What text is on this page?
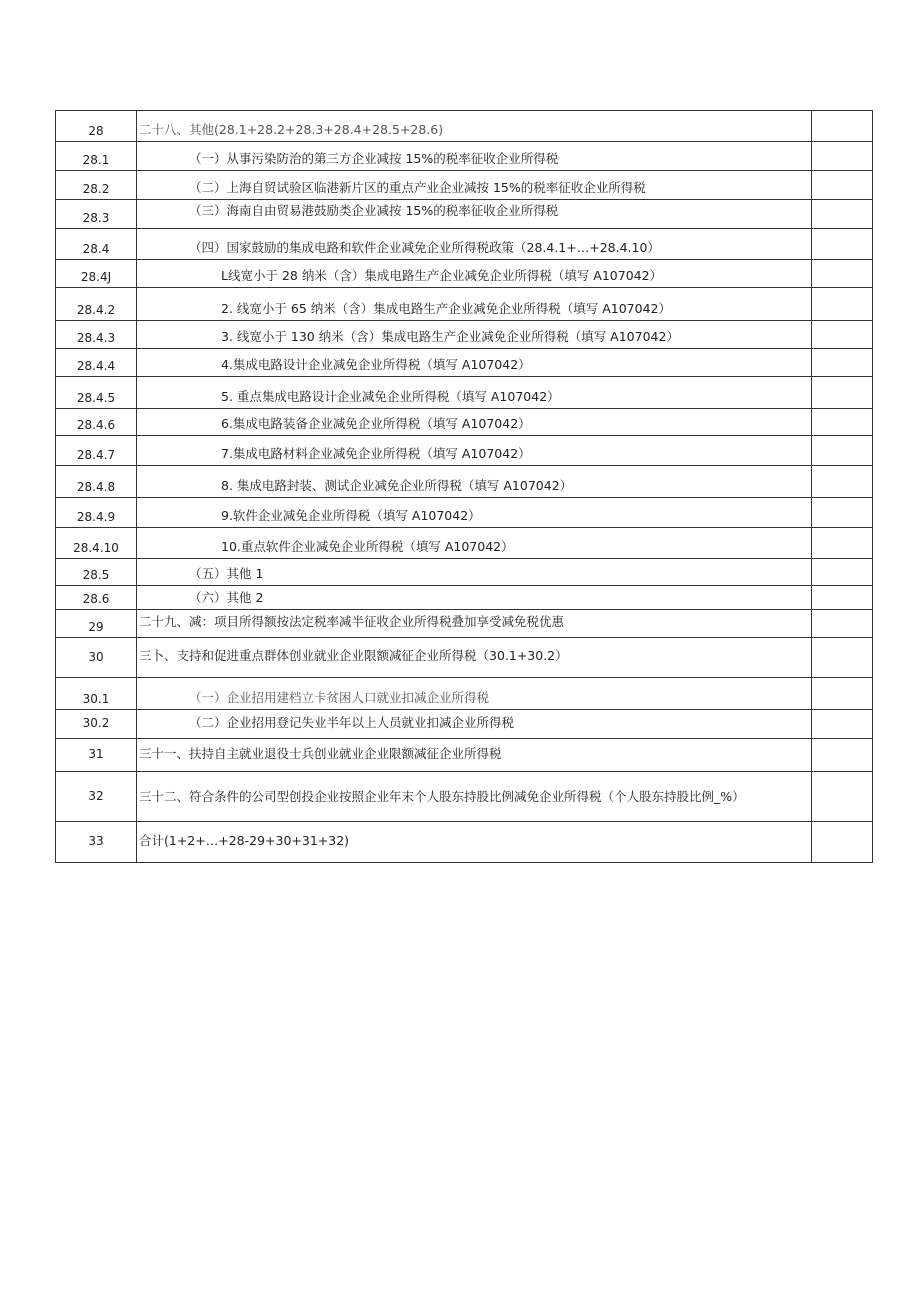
28	二十八、其他(28.1+28.2+28.3+28.4+28.5+28.6)	
28.1	（一）从事污染防治的第三方企业减按 15%的税率征收企业所得税	
28.2	（二）上海自贸试验区临港新片区的重点产业企业减按 15%的税率征收企业所得税	
28.3	（三）海南自由贸易港鼓励类企业减按 15%的税率征收企业所得税	
28.4	（四）国家鼓励的集成电路和软件企业减免企业所得税政策（28.4.1+…+28.4.10）	
28.4J	L线宽小于 28 纳米（含）集成电路生产企业减免企业所得税（填写 A107042）	
28.4.2	2. 线宽小于 65 纳米（含）集成电路生产企业减免企业所得税（填写 A107042）	
28.4.3	3. 线宽小于 130 纳米（含）集成电路生产企业减免企业所得税（填写 A107042）	
28.4.4	4.集成电路设计企业减免企业所得税（填写 A107042）	
28.4.5	5. 重点集成电路设计企业减免企业所得税（填写 A107042）	
28.4.6	6.集成电路装备企业减免企业所得税（填写 A107042）	
28.4.7	7.集成电路材料企业减免企业所得税（填写 A107042）	
28.4.8	8. 集成电路封装、测试企业减免企业所得税（填写 A107042）	
28.4.9	9.软件企业减免企业所得税（填写 A107042）	
28.4.10	10.重点软件企业减免企业所得税（填写 A107042）	
28.5	（五）其他 1	
28.6	（六）其他 2	
29	二十九、减：项目所得额按法定税率减半征收企业所得税叠加享受减免税优惠	
30	三卜、支持和促进重点群体创业就业企业限额减征企业所得税（30.1+30.2）	
30.1	（一）企业招用建档立卡贫困人口就业扣减企业所得税	
30.2	（二）企业招用登记失业半年以上人员就业扣减企业所得税	
31	三十一、扶持自主就业退役士兵创业就业企业限额减征企业所得税	
32	三十二、符合条件的公司型创投企业按照企业年末个人股东持股比例减免企业所得税（个人股东持股比例_%）	
33	合计(1+2+…+28-29+30+31+32)	
